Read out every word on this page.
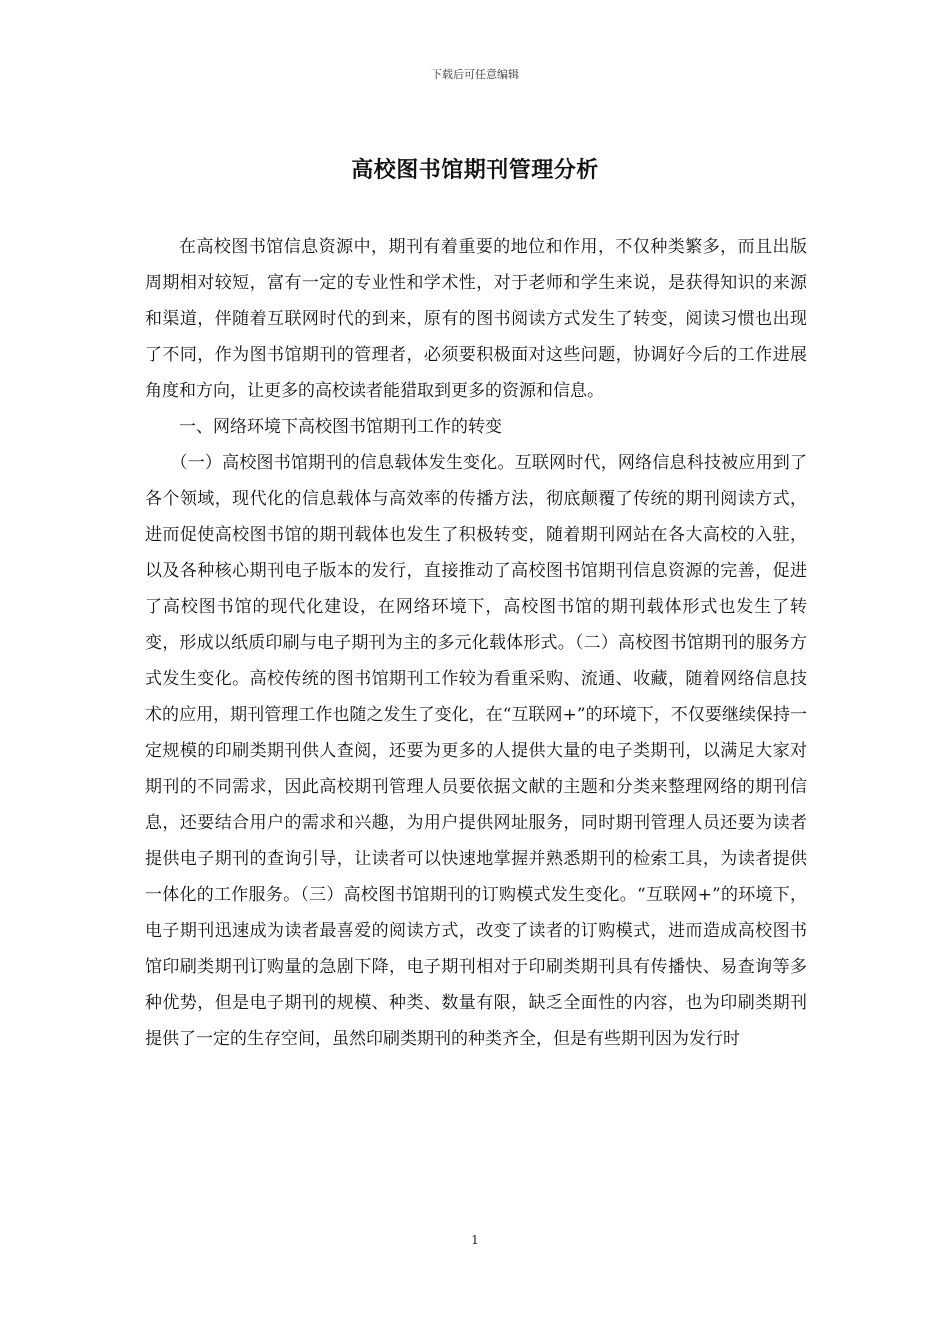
下载后可任意编辑
高校图书馆期刊管理分析

在高校图书馆信息资源中，期刊有着重要的地位和作用，不仅种类繁多，而且出版周期相对较短，富有一定的专业性和学术性，对于老师和学生来说，是获得知识的来源和渠道，伴随着互联网时代的到来，原有的图书阅读方式发生了转变，阅读习惯也出现了不同，作为图书馆期刊的管理者，必须要积极面对这些问题，协调好今后的工作进展角度和方向，让更多的高校读者能猎取到更多的资源和信息。

一、网络环境下高校图书馆期刊工作的转变

（一）高校图书馆期刊的信息载体发生变化。互联网时代，网络信息科技被应用到了各个领域，现代化的信息载体与高效率的传播方法，彻底颠覆了传统的期刊阅读方式，进而促使高校图书馆的期刊载体也发生了积极转变，随着期刊网站在各大高校的入驻，以及各种核心期刊电子版本的发行，直接推动了高校图书馆期刊信息资源的完善，促进了高校图书馆的现代化建设，在网络环境下，高校图书馆的期刊载体形式也发生了转变，形成以纸质印刷与电子期刊为主的多元化载体形式。（二）高校图书馆期刊的服务方式发生变化。高校传统的图书馆期刊工作较为看重采购、流通、收藏，随着网络信息技术的应用，期刊管理工作也随之发生了变化，在“互联网+”的环境下，不仅要继续保持一定规模的印刷类期刊供人查阅，还要为更多的人提供大量的电子类期刊，以满足大家对期刊的不同需求，因此高校期刊管理人员要依据文献的主题和分类来整理网络的期刊信息，还要结合用户的需求和兴趣，为用户提供网址服务，同时期刊管理人员还要为读者提供电子期刊的查询引导，让读者可以快速地掌握并熟悉期刊的检索工具，为读者提供一体化的工作服务。（三）高校图书馆期刊的订购模式发生变化。“互联网+”的环境下，电子期刊迅速成为读者最喜爱的阅读方式，改变了读者的订购模式，进而造成高校图书馆印刷类期刊订购量的急剧下降，电子期刊相对于印刷类期刊具有传播快、易查询等多种优势，但是电子期刊的规模、种类、数量有限，缺乏全面性的内容，也为印刷类期刊提供了一定的生存空间，虽然印刷类期刊的种类齐全，但是有些期刊因为发行时

1
